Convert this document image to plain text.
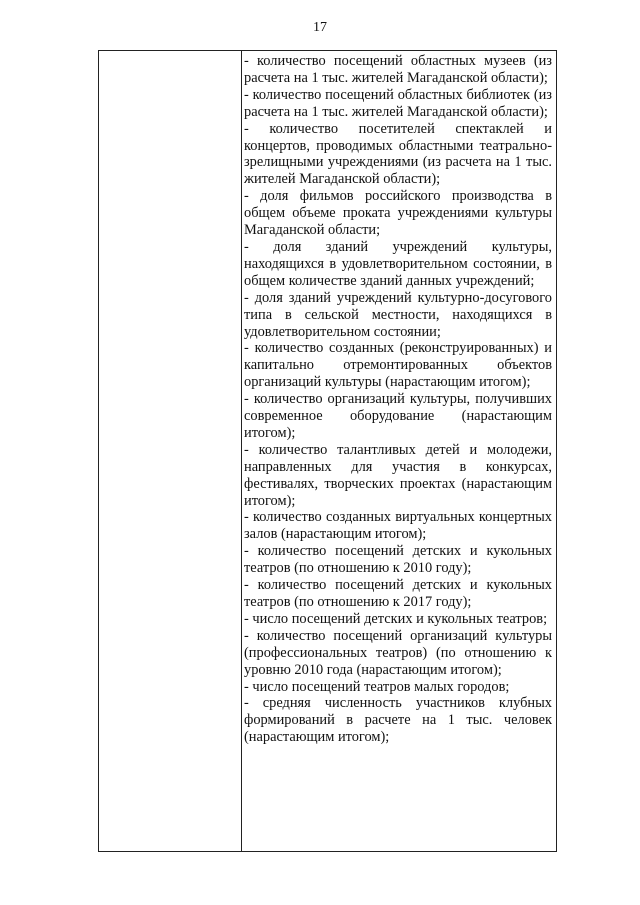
17

- количество посещений областных музеев (из расчета на 1 тыс. жителей Магаданской области);

- количество посещений областных библиотек (из расчета на 1 тыс. жителей Магаданской области);

- количество посетителей спектаклей и концертов, проводимых областными театрально-зрелищными учреждениями (из расчета на 1 тыс. жителей Магаданской области);

- доля фильмов российского производства в общем объеме проката учреждениями культуры Магаданской области;

- доля зданий учреждений культуры, находящихся в удовлетворительном состоянии, в общем количестве зданий данных учреждений;

- доля зданий учреждений культурно-досугового типа в сельской местности, находящихся в удовлетворительном состоянии;

- количество созданных (реконструированных) и капитально отремонтированных объектов организаций культуры (нарастающим итогом);

- количество организаций культуры, получивших современное оборудование (нарастающим итогом);

- количество талантливых детей и молодежи, направленных для участия в конкурсах, фестивалях, творческих проектах (нарастающим итогом);

- количество созданных виртуальных концертных залов (нарастающим итогом);

- количество посещений детских и кукольных театров (по отношению к 2010 году);

- количество посещений детских и кукольных театров (по отношению к 2017 году);

- число посещений детских и кукольных театров;

- количество посещений организаций культуры (профессиональных театров) (по отношению к уровню 2010 года (нарастающим итогом);

- число посещений театров малых городов;

- средняя численность участников клубных формирований в расчете на 1 тыс. человек (нарастающим итогом);
